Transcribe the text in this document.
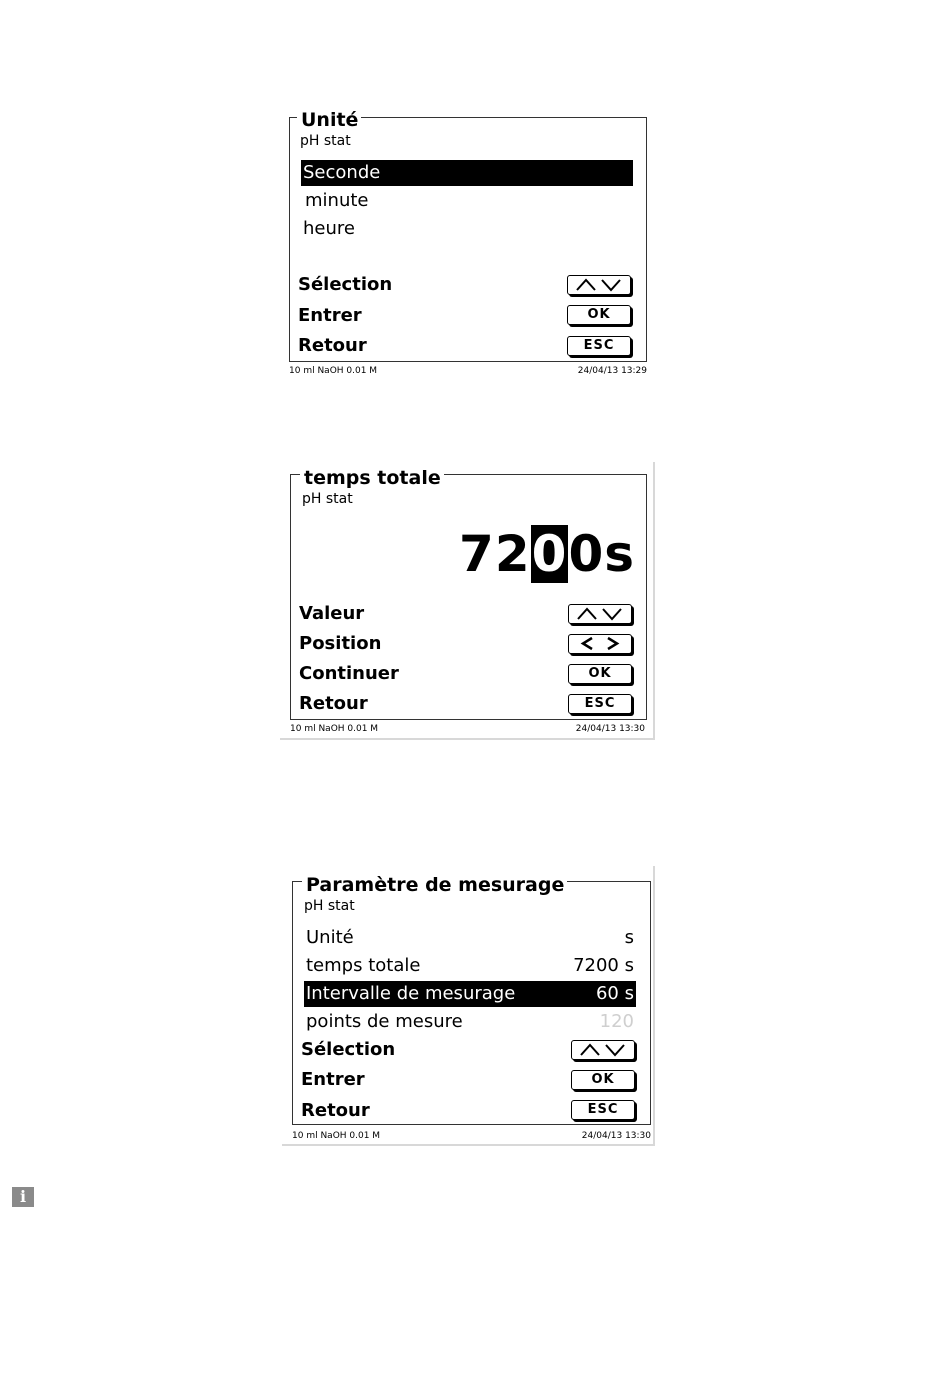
Unité
pH stat
Seconde
minute
heure
Sélection
Entrer	OK
Retour	ESC
10 ml NaOH 0.01 M	24/04/13 13:29
temps totale
pH stat
7200s
Valeur
Position
Continuer	OK
Retour	ESC
10 ml NaOH 0.01 M	24/04/13 13:30
Paramètre de mesurage
pH stat
Unité	s
temps totale	7200 s
Intervalle de mesurage	60 s
points de mesure	120
Sélection
Entrer	OK
Retour	ESC
10 ml NaOH 0.01 M	24/04/13 13:30
i
